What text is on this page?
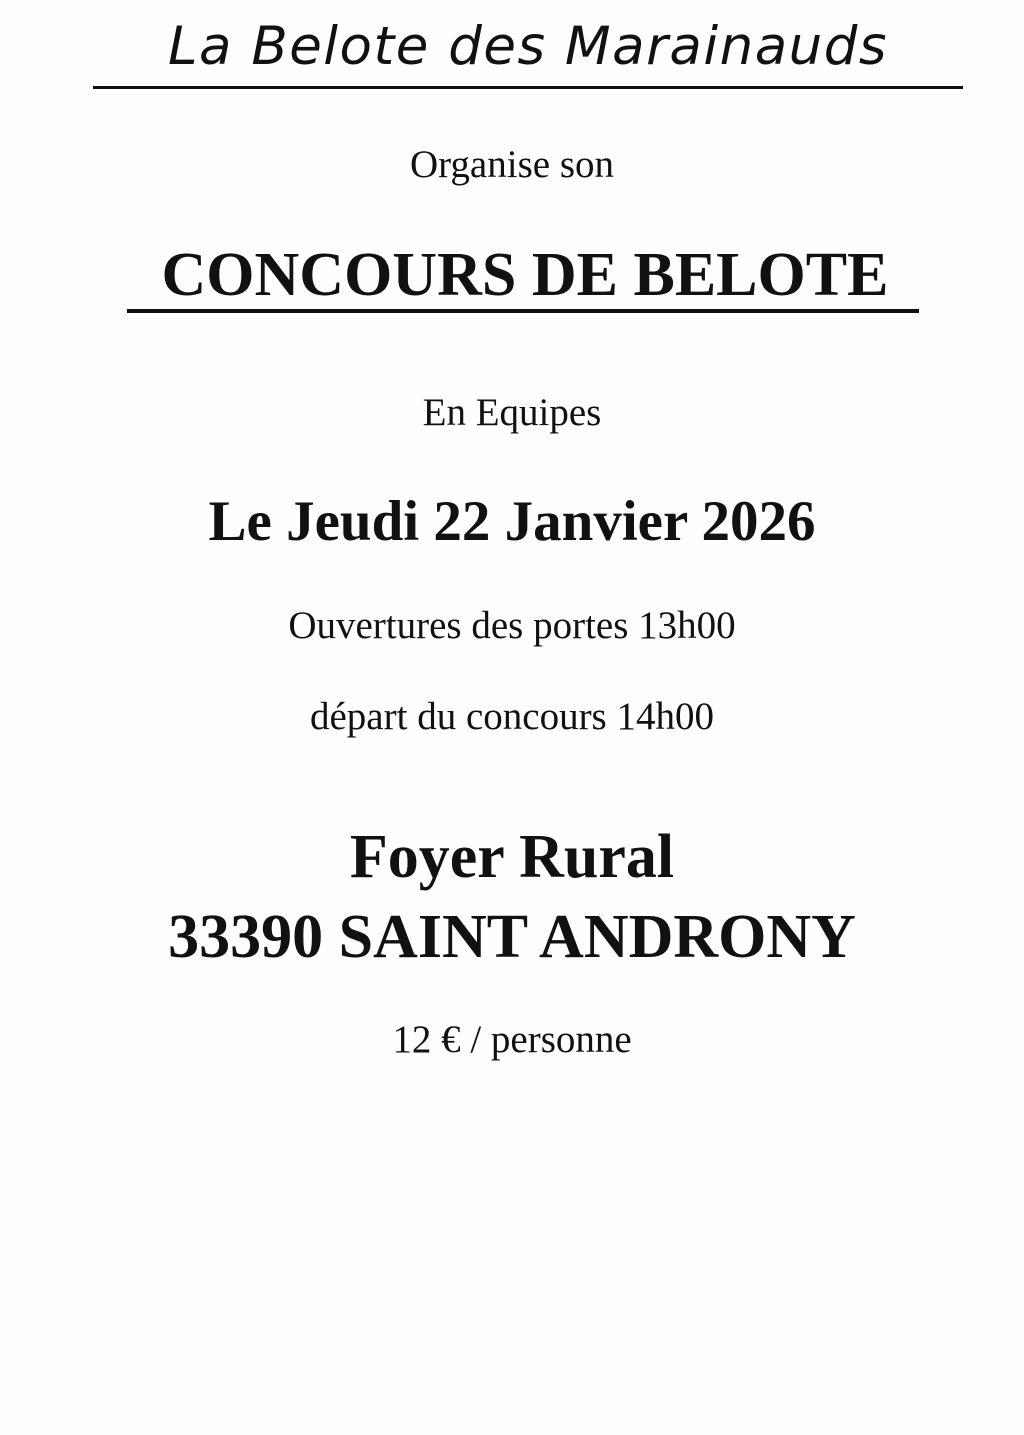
La Belote des Marainauds
Organise son
CONCOURS DE BELOTE
En Equipes
Le Jeudi 22 Janvier 2026
Ouvertures des portes 13h00
départ du concours 14h00
Foyer Rural
33390 SAINT ANDRONY
12 € / personne
